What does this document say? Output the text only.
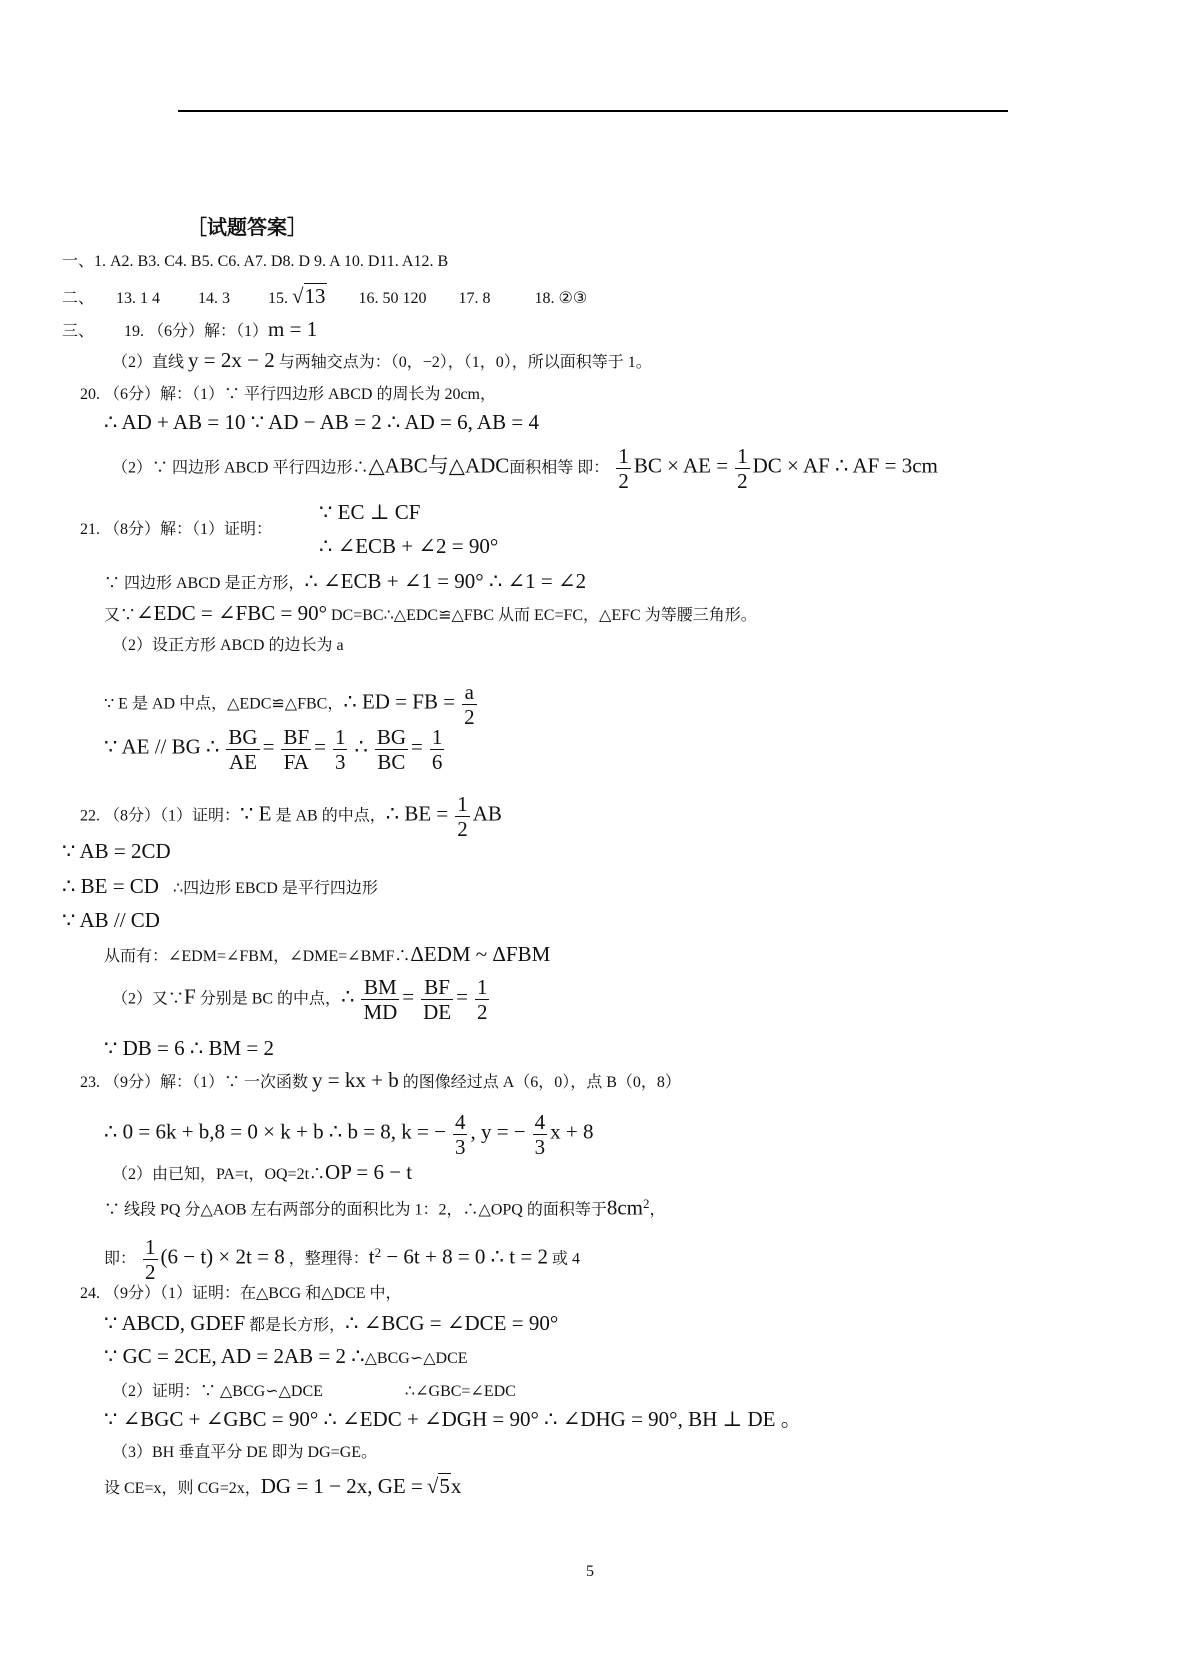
［试题答案］
一、1. A2. B3. C4. B5. C6. A7. D8. D 9. A 10. D11. A12. B
二、 13. 1 4 14. 3 15. √13 16. 50 120 17. 8	18. ②③
三、 19. （6分）解：（1）m = 1
（2）直线 y = 2x − 2 与两轴交点为：（0，−2），（1，0），所以面积等于 1。
20. （6分）解：（1）∵ 平行四边形 ABCD 的周长为 20cm，
∴ AD + AB = 10 ∵ AD − AB = 2 ∴ AD = 6, AB = 4
（2）∵ 四边形 ABCD 平行四边形∴△ABC与△ADC面积相等 即： $\frac{1}{2}$ BC × AE = $\frac{1}{2}$ DC × AF ∴ AF = 3cm
∵ EC ⊥ CF
21. （8分）解：（1）证明：
∴ ∠ECB + ∠2 = 90°
∵ 四边形 ABCD 是正方形，∴ ∠ECB + ∠1 = 90° ∴ ∠1 = ∠2
又∵∠EDC = ∠FBC = 90° DC=BC∴△EDC≌△FBC 从而 EC=FC，△EFC 为等腰三角形。
（2）设正方形 ABCD 的边长为 a
∵ E 是 AD 中点，△EDC≌△FBC，∴ ED = FB = $\frac{a}{2}$
∵ AE // BG ∴ $\frac{BG}{AE} = \frac{BF}{FA} = \frac{1}{3}$ ∴ $\frac{BG}{BC} = \frac{1}{6}$
22. （8分）（1）证明：∵ E 是 AB 的中点，∴ BE = $\frac{1}{2}$ AB
∵ AB = 2CD
∴ BE = CD ∴四边形 EBCD 是平行四边形
∵ AB // CD
从而有：∠EDM=∠FBM，∠DME=∠BMF∴ΔEDM ~ ΔFBM
（2）又∵F 分别是 BC 的中点，∴ $\frac{BM}{MD} = \frac{BF}{DE} = \frac{1}{2}$
∵ DB = 6 ∴ BM = 2
23. （9分）解：（1）∵ 一次函数 y = kx + b 的图像经过点 A（6，0），点 B（0，8）
∴ 0 = 6k + b,8 = 0 × k + b ∴ b = 8, k = − $\frac{4}{3}$ , y = − $\frac{4}{3}$ x + 8
（2）由已知，PA=t，OQ=2t∴OP = 6 − t
∵ 线段 PQ 分△AOB 左右两部分的面积比为 1：2，∴△OPQ 的面积等于$8cm^2$，
即： $\frac{1}{2} (6 - t) \times 2t = 8$ ，整理得：$t^2 - 6t + 8 = 0$ ∴ t = 2 或 4
24. （9分）（1）证明：在△BCG 和△DCE 中，
∵ ABCD, GDEF 都是长方形，∴ ∠BCG = ∠DCE = 90°
∵ GC = 2CE, AD = 2AB = 2 ∴△BCG∽△DCE
（2）证明：∵ △BCG∽△DCE	∴∠GBC=∠EDC
∵ ∠BGC + ∠GBC = 90° ∴ ∠EDC + ∠DGH = 90° ∴ ∠DHG = 90°, BH ⊥ DE 。
（3）BH 垂直平分 DE 即为 DG=GE。
设 CE=x，则 CG=2x，DG = 1 − 2x, GE = √5x
5
